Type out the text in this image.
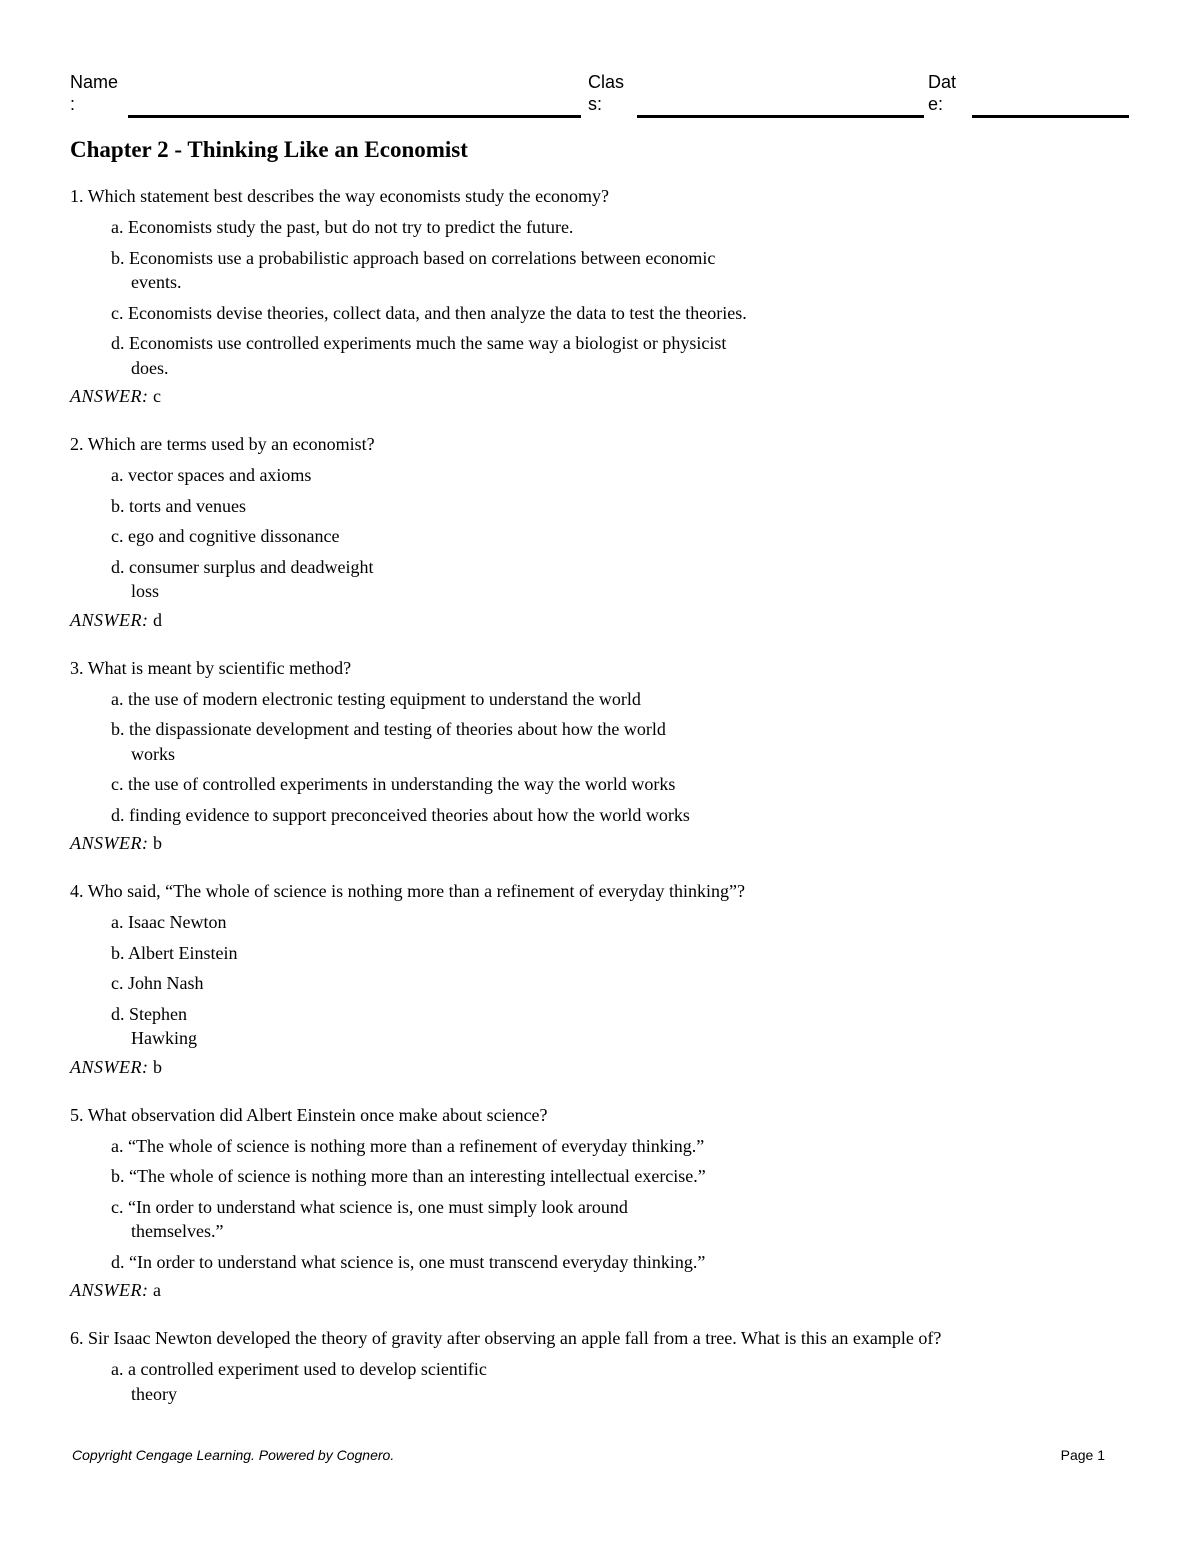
Name
:
Clas
s:
Dat
e:
Chapter 2 - Thinking Like an Economist
1. Which statement best describes the way economists study the economy?
a. Economists study the past, but do not try to predict the future.
b. Economists use a probabilistic approach based on correlations between economic
events.
c. Economists devise theories, collect data, and then analyze the data to test the theories.
d. Economists use controlled experiments much the same way a biologist or physicist
does.
ANSWER: c
2. Which are terms used by an economist?
a. vector spaces and axioms
b. torts and venues
c. ego and cognitive dissonance
d. consumer surplus and deadweight
loss
ANSWER: d
3. What is meant by scientific method?
a. the use of modern electronic testing equipment to understand the world
b. the dispassionate development and testing of theories about how the world
works
c. the use of controlled experiments in understanding the way the world works
d. finding evidence to support preconceived theories about how the world works
ANSWER: b
4. Who said, “The whole of science is nothing more than a refinement of everyday thinking”?
a. Isaac Newton
b. Albert Einstein
c. John Nash
d. Stephen
Hawking
ANSWER: b
5. What observation did Albert Einstein once make about science?
a. “The whole of science is nothing more than a refinement of everyday thinking.”
b. “The whole of science is nothing more than an interesting intellectual exercise.”
c. “In order to understand what science is, one must simply look around
themselves.”
d. “In order to understand what science is, one must transcend everyday thinking.”
ANSWER: a
6. Sir Isaac Newton developed the theory of gravity after observing an apple fall from a tree. What is this an example of?
a. a controlled experiment used to develop scientific
theory
Copyright Cengage Learning. Powered by Cognero.	Page 1
